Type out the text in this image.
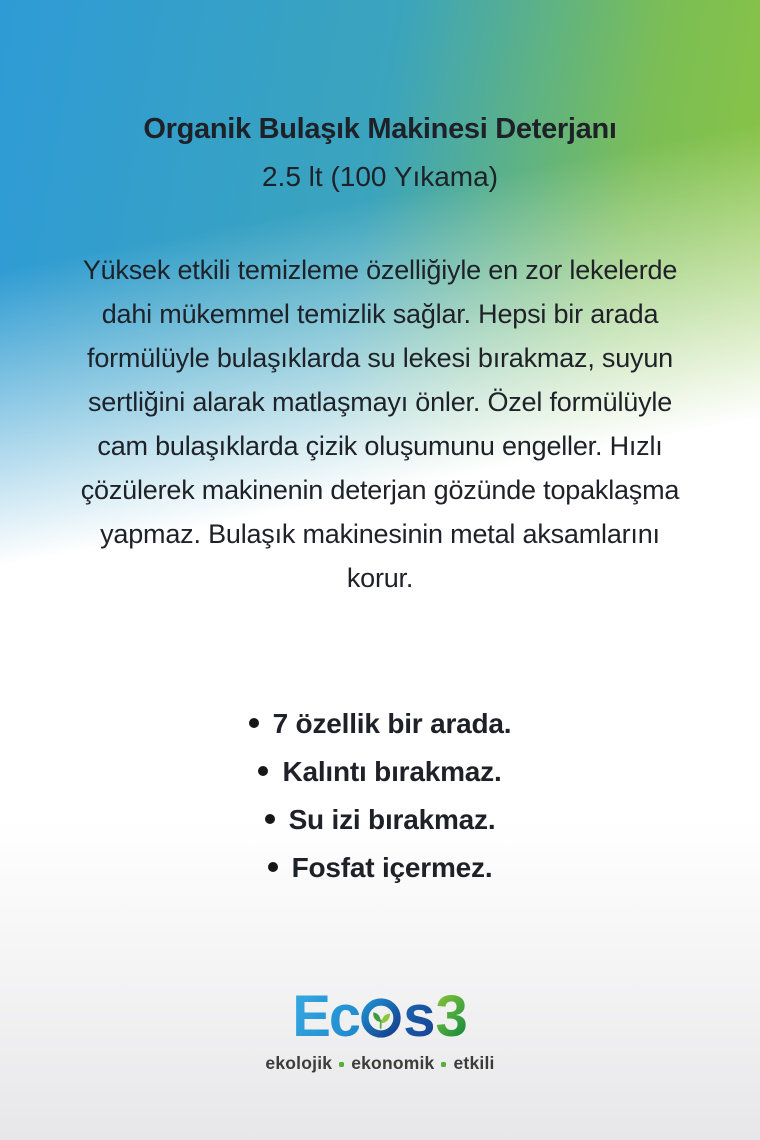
Organik Bulaşık Makinesi Deterjanı
2.5 lt (100 Yıkama)

Yüksek etkili temizleme özelliğiyle en zor lekelerde dahi mükemmel temizlik sağlar. Hepsi bir arada formülüyle bulaşıklarda su lekesi bırakmaz, suyun sertliğini alarak matlaşmayı önler. Özel formülüyle cam bulaşıklarda çizik oluşumunu engeller. Hızlı çözülerek makinenin deterjan gözünde topaklaşma yapmaz. Bulaşık makinesinin metal aksamlarını korur.

7 özellik bir arada.
Kalıntı bırakmaz.
Su izi bırakmaz.
Fosfat içermez.
Ec s3
ekolojik ekonomik etkili
